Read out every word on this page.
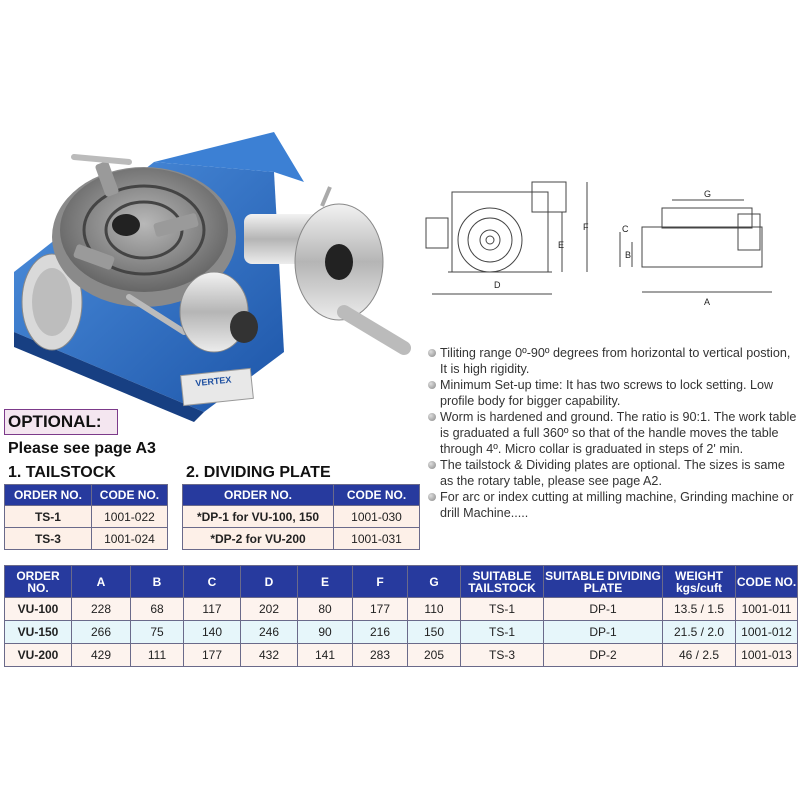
VERTEX
D
E
F	C
B
A
G
Tiliting range 0º-90º degrees from horizontal to vertical postion, It is high rigidity.
Minimum Set-up time: It has two screws to lock setting. Low profile body for bigger capability.
Worm is hardened and ground. The ratio is 90:1. The work table is graduated a full 360º so that of the handle moves the table through 4º. Micro collar is graduated in steps of 2' min.
The tailstock & Dividing plates are optional. The sizes is same as the rotary table, please see page A2.
For arc or index cutting at milling machine, Grinding machine or drill Machine.....
OPTIONAL:
Please see page A3
1. TAILSTOCK	2. DIVIDING PLATE
ORDER NO.	CODE NO.
TS-1	1001-022
TS-3	1001-024
ORDER NO.	CODE NO.
*DP-1 for VU-100, 150	1001-030
*DP-2 for VU-200	1001-031
ORDER NO.	A	B	C	D	E	F	G	SUITABLE TAILSTOCK	SUITABLE DIVIDING PLATE	WEIGHT kgs/cuft	CODE NO.
VU-100	228	68	117	202	80	177	110	TS-1	DP-1	13.5 / 1.5	1001-011
VU-150	266	75	140	246	90	216	150	TS-1	DP-1	21.5 / 2.0	1001-012
VU-200	429	111	177	432	141	283	205	TS-3	DP-2	46 / 2.5	1001-013
